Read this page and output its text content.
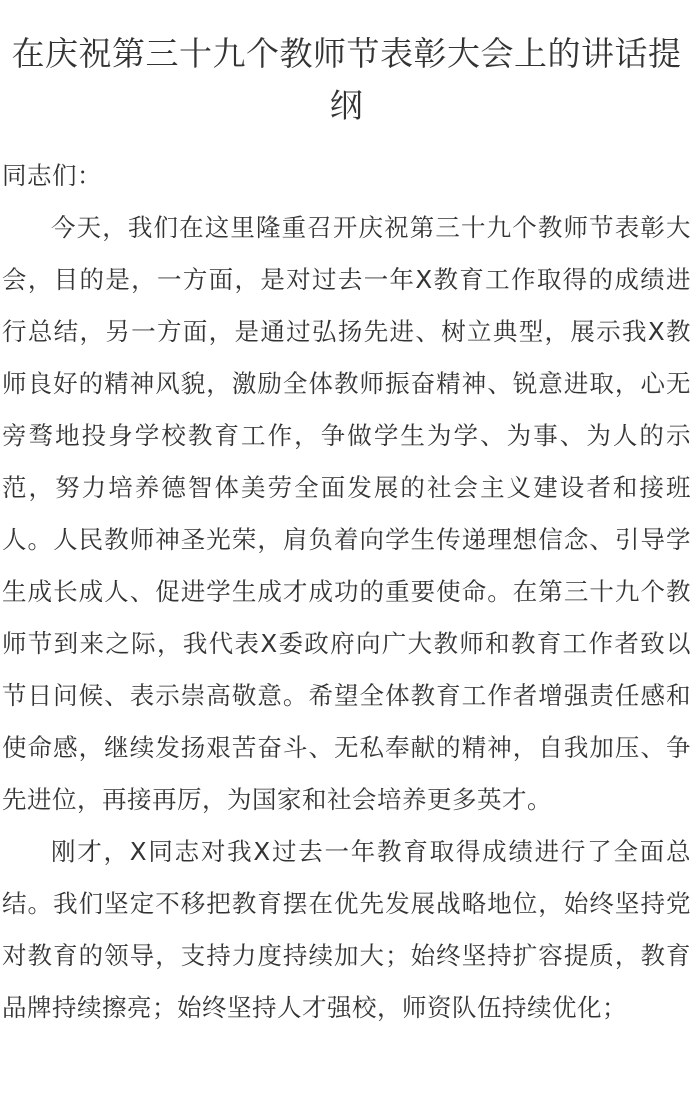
在庆祝第三十九个教师节表彰大会上的讲话提纲

同志们：

今天，我们在这里隆重召开庆祝第三十九个教师节表彰大会，目的是，一方面，是对过去一年X教育工作取得的成绩进行总结，另一方面，是通过弘扬先进、树立典型，展示我X教师良好的精神风貌，激励全体教师振奋精神、锐意进取，心无旁骛地投身学校教育工作，争做学生为学、为事、为人的示范，努力培养德智体美劳全面发展的社会主义建设者和接班人。人民教师神圣光荣，肩负着向学生传递理想信念、引导学生成长成人、促进学生成才成功的重要使命。在第三十九个教师节到来之际，我代表X委政府向广大教师和教育工作者致以节日问候、表示崇高敬意。希望全体教育工作者增强责任感和使命感，继续发扬艰苦奋斗、无私奉献的精神，自我加压、争先进位，再接再厉，为国家和社会培养更多英才。

刚才，X同志对我X过去一年教育取得成绩进行了全面总结。我们坚定不移把教育摆在优先发展战略地位，始终坚持党对教育的领导，支持力度持续加大；始终坚持扩容提质，教育品牌持续擦亮；始终坚持人才强校，师资队伍持续优化；
